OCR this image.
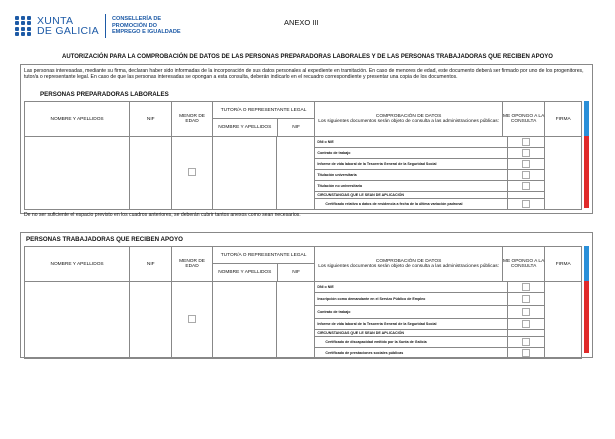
XUNTA
DE GALICIA
CONSELLERÍA DE
PROMOCIÓN DO
EMPREGO E IGUALDADE
ANEXO III
AUTORIZACIÓN PARA LA COMPROBACIÓN DE DATOS DE LAS PERSONAS PREPARADORAS LABORALES Y DE LAS PERSONAS TRABAJADORAS QUE RECIBEN APOYO
Las personas interesadas, mediante su firma, declaran haber sido informadas de la incorporación de sus datos personales al expediente en tramitación. En caso de menores de edad, este documento deberá ser firmado por uno de los progenitores, tutor/a o representante legal. En caso de que las personas interesadas se opongan a esta consulta, deberán indicarlo en el recuadro correspondiente y presentar una copia de los documentos.
PERSONAS PREPARADORAS LABORALES
NOMBRE Y APELLIDOS	NIF	MENOR DE EDAD	
TUTOR/A O REPRESENTANTE LEGAL
NOMBRE Y APELLIDOS	NIF

COMPROBACIÓN DE DATOS
Los siguientes documentos serán objeto de consulta a las administraciones públicas:
	ME OPONGO A LA CONSULTA	FIRMA

DNI o NIE	
Contrato de trabajo	
Informe de vida laboral de la Tesorería General de la Seguridad Social	
Titulación universitaria	
Titulación no universitaria	
CIRCUNSTANCIAS QUE LE SEAN DE APLICACIÓN	
Certificado relativo a datos de residencia a fecha de la última variación padronal	

De no ser suficiente el espacio previsto en los cuadros anteriores, se deberán cubrir tantos anexos como sean necesarios.
PERSONAS TRABAJADORAS QUE RECIBEN APOYO
NOMBRE Y APELLIDOS	NIF	MENOR DE EDAD	
TUTOR/A O REPRESENTANTE LEGAL
NOMBRE Y APELLIDOS	NIF

COMPROBACIÓN DE DATOS
Los siguientes documentos serán objeto de consulta a las administraciones públicas:
	ME OPONGO A LA CONSULTA	FIRMA

DNI o NIE	
Inscripción como demandante en el Servizo Público de Empleo	
Contrato de trabajo	
Informe de vida laboral de la Tesorería General de la Seguridad Social	
CIRCUNSTANCIAS QUE LE SEAN DE APLICACIÓN	
Certificado de discapacidad emitido por la Xunta de Galicia	
Certificado de prestaciones sociales públicas	
